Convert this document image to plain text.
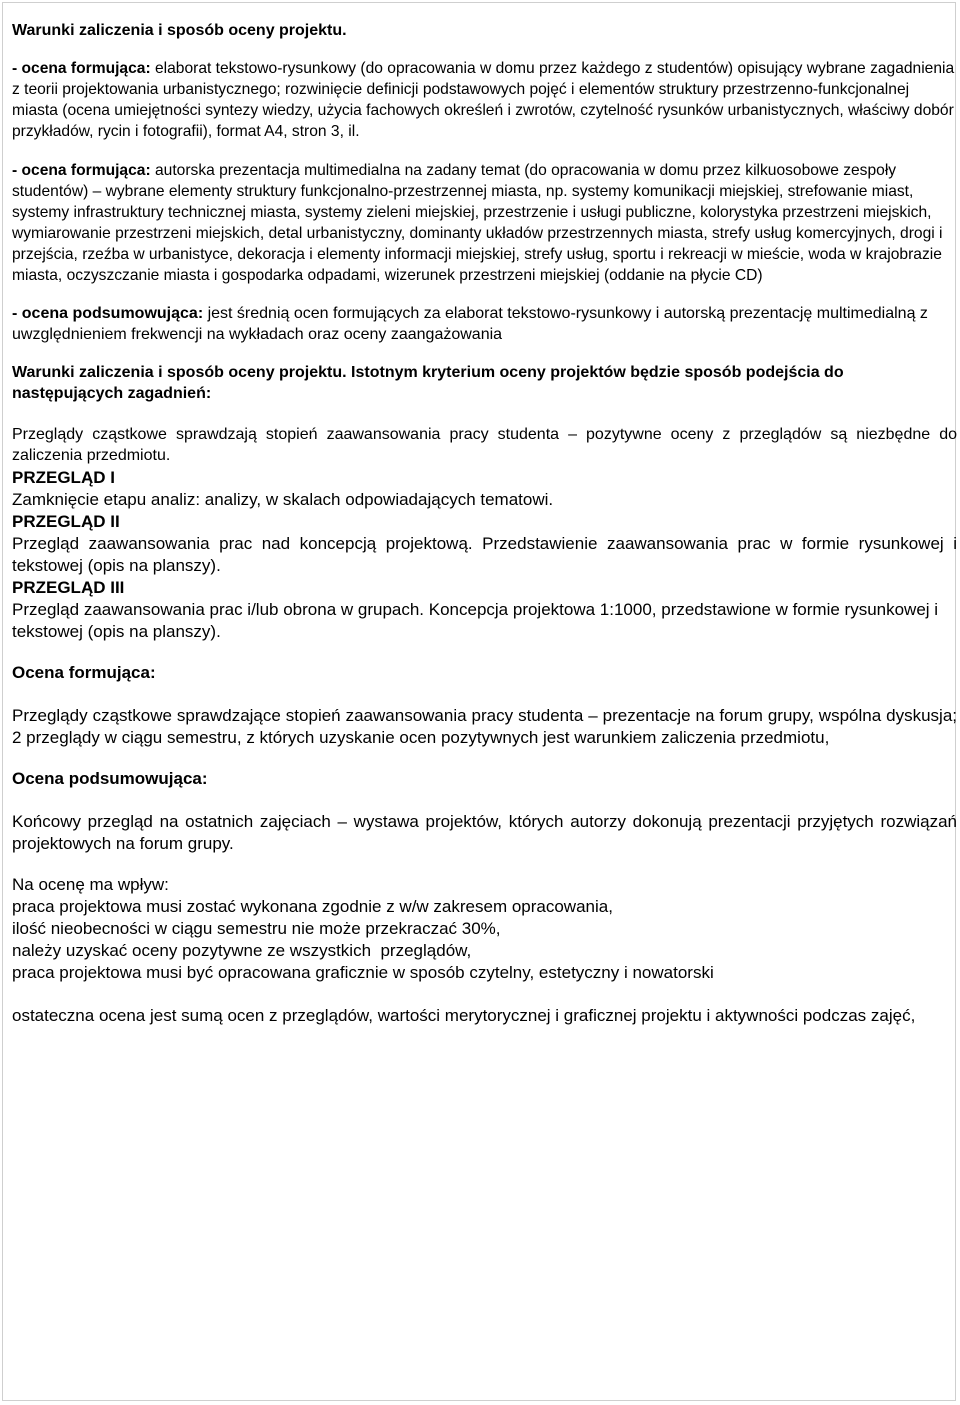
Warunki zaliczenia i sposób oceny projektu.

- ocena formująca: elaborat tekstowo-rysunkowy (do opracowania w domu przez każdego z studentów) opisujący wybrane zagadnienia z teorii projektowania urbanistycznego; rozwinięcie definicji podstawowych pojęć i elementów struktury przestrzenno-funkcjonalnej miasta (ocena umiejętności syntezy wiedzy, użycia fachowych określeń i zwrotów, czytelność rysunków urbanistycznych, właściwy dobór przykładów, rycin i fotografii), format A4, stron 3, il.

- ocena formująca: autorska prezentacja multimedialna na zadany temat (do opracowania w domu przez kilkuosobowe zespoły studentów) – wybrane elementy struktury funkcjonalno-przestrzennej miasta, np. systemy komunikacji miejskiej, strefowanie miast, systemy infrastruktury technicznej miasta, systemy zieleni miejskiej, przestrzenie i usługi publiczne, kolorystyka przestrzeni miejskich, wymiarowanie przestrzeni miejskich, detal urbanistyczny, dominanty układów przestrzennych miasta, strefy usług komercyjnych, drogi i przejścia, rzeźba w urbanistyce, dekoracja i elementy informacji miejskiej, strefy usług, sportu i rekreacji w mieście, woda w krajobrazie miasta, oczyszczanie miasta i gospodarka odpadami, wizerunek przestrzeni miejskiej (oddanie na płycie CD)

- ocena podsumowująca: jest średnią ocen formujących za elaborat tekstowo-rysunkowy i autorską prezentację multimedialną z uwzględnieniem frekwencji na wykładach oraz oceny zaangażowania

Warunki zaliczenia i sposób oceny projektu. Istotnym kryterium oceny projektów będzie sposób podejścia do następujących zagadnień:

Przeglądy cząstkowe sprawdzają stopień zaawansowania pracy studenta – pozytywne oceny z przeglądów są niezbędne do zaliczenia przedmiotu.

PRZEGLĄD I

Zamknięcie etapu analiz: analizy, w skalach odpowiadających tematowi.

PRZEGLĄD II

Przegląd zaawansowania prac nad koncepcją projektową. Przedstawienie zaawansowania prac w formie rysunkowej i tekstowej (opis na planszy).

PRZEGLĄD III

Przegląd zaawansowania prac i/lub obrona w grupach. Koncepcja projektowa 1:1000, przedstawione w formie rysunkowej i tekstowej (opis na planszy).

Ocena formująca:

Przeglądy cząstkowe sprawdzające stopień zaawansowania pracy studenta – prezentacje na forum grupy, wspólna dyskusja; 2 przeglądy w ciągu semestru, z których uzyskanie ocen pozytywnych jest warunkiem zaliczenia przedmiotu,

Ocena podsumowująca:

Końcowy przegląd na ostatnich zajęciach – wystawa projektów, których autorzy dokonują prezentacji przyjętych rozwiązań projektowych na forum grupy.

Na ocenę ma wpływ:

praca projektowa musi zostać wykonana zgodnie z w/w zakresem opracowania,

ilość nieobecności w ciągu semestru nie może przekraczać 30%,

należy uzyskać oceny pozytywne ze wszystkich  przeglądów,

praca projektowa musi być opracowana graficznie w sposób czytelny, estetyczny i nowatorski

ostateczna ocena jest sumą ocen z przeglądów, wartości merytorycznej i graficznej projektu i aktywności podczas zajęć,
